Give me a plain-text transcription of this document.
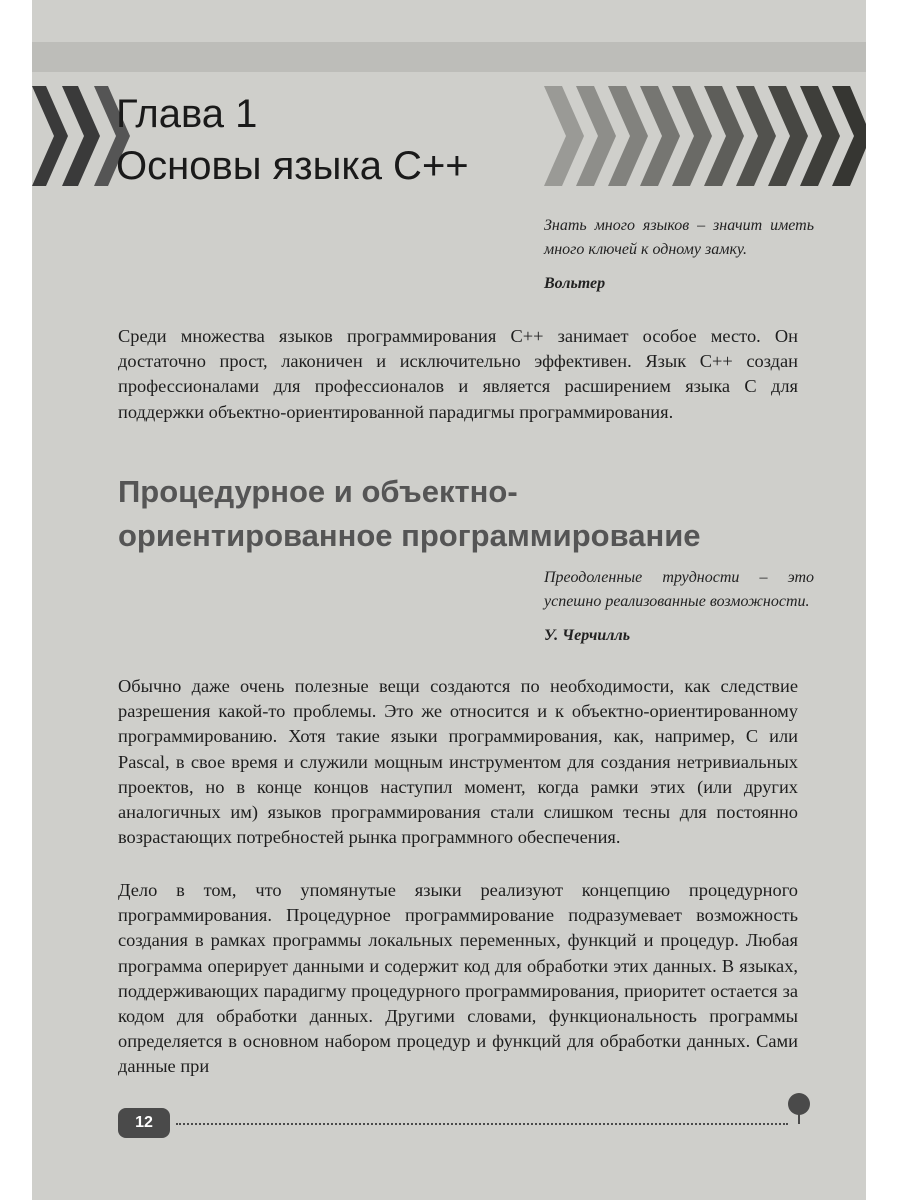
Глава 1
Основы языка С++
Знать много языков – значит иметь много ключей к одному замку.
Вольтер

Среди множества языков программирования С++ занимает особое место. Он достаточно прост, лаконичен и исключительно эффективен. Язык С++ создан профессионалами для профессионалов и является расширением языка С для поддержки объектно-ориентированной парадигмы программирования.

Процедурное и объектно-
ориентированное программирование
Преодоленные трудности – это успешно реализованные возможности.
У. Черчилль

Обычно даже очень полезные вещи создаются по необходимости, как следствие разрешения какой-то проблемы. Это же относится и к объектно-ориентированному программированию. Хотя такие языки программирования, как, например, C или Pascal, в свое время и служили мощным инструментом для создания нетривиальных проектов, но в конце концов наступил момент, когда рамки этих (или других аналогичных им) языков программирования стали слишком тесны для постоянно возрастающих потребностей рынка программного обеспечения.

Дело в том, что упомянутые языки реализуют концепцию процедурного программирования. Процедурное программирование подразумевает возможность создания в рамках программы локальных переменных, функций и процедур. Любая программа оперирует данными и содержит код для обработки этих данных. В языках, поддерживающих парадигму процедурного программирования, приоритет остается за кодом для обработки данных. Другими словами, функциональность программы определяется в основном набором процедур и функций для обработки данных. Сами данные при

12
